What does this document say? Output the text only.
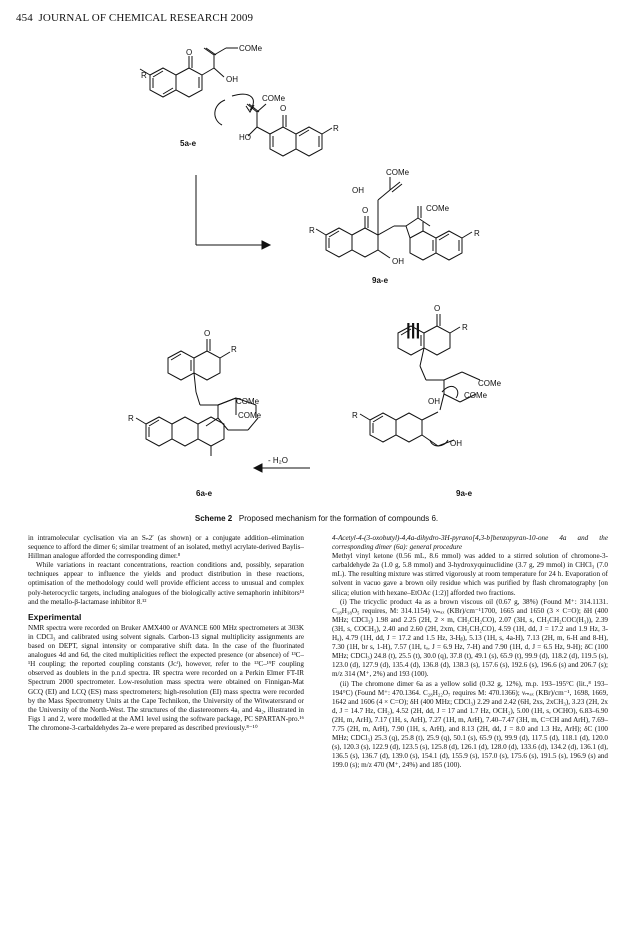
454 JOURNAL OF CHEMICAL RESEARCH 2009
|||
R
O	COMe
OH
O
COMe
HO
R
5a-e
COMe
OH
O	COMe
R
OH
R
9a-e
O
R
COMe
COMe
R
6a-e
- H₂O
O
R
OH
COMe
COMe
R
OH
9a-e
Scheme 2 Proposed mechanism for the formation of compounds 6.

in intramolecular cyclisation via an Sₙ2′ (as shown) or a conjugate addition–elimination sequence to afford the dimer 6; similar treatment of an isolated, methyl acrylate-derived Baylis–Hillman analogue afforded the corresponding dimer.⁸

While variations in reactant concentrations, reaction conditions and, possibly, separation techniques appear to influence the yields and product distribution in these reactions, optimisation of the methodology could well provide efficient access to unusual and complex poly-heterocyclic targets, including analogues of the biologically active semaphorin inhibitors¹³ and the metallo-β-lactamase inhibitor 8.¹²

Experimental

NMR spectra were recorded on Bruker AMX400 or AVANCE 600 MHz spectrometers at 303K in CDCl₃ and calibrated using solvent signals. Carbon-13 signal multiplicity assignments are based on DEPT, signal intensity or comparative shift data. In the case of the fluorinated analogues 4d and 6d, the cited multiplicities reflect the expected presence (or absence) of ¹³C–¹H coupling; the reported coupling constants (Jᴄᶠ), however, refer to the ¹³C–¹⁹F coupling observed as doublets in the p.n.d spectra. IR spectra were recorded on a Perkin Elmer FT-IR Spectrum 2000 spectrometer. Low-resolution mass spectra were obtained on Finnigan-Mat GCQ (EI) and LCQ (ES) mass spectrometers; high-resolution (EI) mass spectra were recorded by the Mass Spectrometry Units at the Cape Technikon, the University of the Witwatersrand or the University of the North-West. The structures of the diastereomers 4a₁ and 4a₂, illustrated in Figs 1 and 2, were modelled at the AM1 level using the software package, PC SPARTAN-pro.¹⁶ The chromone-3-carbaldehydes 2a–e were prepared as described previously.⁸⁻¹⁰

4-Acetyl-4-(3-oxobutyl)-4,4a-dihydro-3H-pyrano[4,3-b]benzopyran-10-one 4a and the corresponding dimer (6a): general procedure

Methyl vinyl ketone (0.56 mL, 8.6 mmol) was added to a stirred solution of chromone-3-carbaldehyde 2a (1.0 g, 5.8 mmol) and 3-hydroxyquinuclidine (3.7 g, 29 mmol) in CHCl₃ (7.0 mL). The resulting mixture was stirred vigorously at room temperature for 24 h. Evaporation of solvent in vacuo gave a brown oily residue which was purified by flash chromatography [on silica; elution with hexane–EtOAc (1:2)] afforded two fractions.

(i) The tricyclic product 4a as a brown viscous oil (0.67 g, 38%) (Found M⁺: 314.1131. C₁₈H₁₈O₅ requires, M: 314.1154) νₘₐₓ (KBr)/cm⁻¹1700, 1665 and 1650 (3 × C=O); δH (400 MHz; CDCl₃) 1.98 and 2.25 (2H, 2 × m, CH₂CH₂CO), 2.07 (3H, s, CH₃CH₂COC(H₃)), 2.39 (3H, s, COCH₃), 2.40 and 2.60 (2H, 2xm, CH₂CH₂CO), 4.59 (1H, dd, J = 17.2 and 1.9 Hz, 3-Hₐ), 4.79 (1H, dd, J = 17.2 and 1.5 Hz, 3-Hᵦ), 5.13 (1H, s, 4a-H), 7.13 (2H, m, 6-H and 8-H), 7.30 (1H, br s, 1-H), 7.57 (1H, tₒ, J = 6.9 Hz, 7-H) and 7.90 (1H, d, J = 6.5 Hz, 9-H); δC (100 MHz; CDCl₃) 24.8 (t), 25.5 (t), 30.0 (q), 37.8 (t), 49.1 (s), 65.9 (t), 99.9 (d), 118.2 (d), 119.5 (s), 123.0 (d), 127.9 (d), 135.4 (d), 136.8 (d), 138.3 (s), 157.6 (s), 192.6 (s), 196.6 (s) and 206.7 (s); m/z 314 (M⁺, 2%) and 193 (100).

(ii) The chromone dimer 6a as a yellow solid (0.32 g, 12%), m.p. 193–195°C (lit.,⁸ 193–194°C) (Found M⁺: 470.1364. C₂₈H₂₂O₇ requires M: 470.1366); νₘₐₓ (KBr)/cm⁻¹, 1698, 1669, 1642 and 1606 (4 × C=O); δH (400 MHz; CDCl₃) 2.29 and 2.42 (6H, 2xs, 2xCH₃), 3.23 (2H, 2x d, J = 14.7 Hz, CH₂), 4.52 (2H, dd, J = 17 and 1.7 Hz, OCH₂), 5.00 (1H, s, OCHO), 6.83–6.90 (2H, m, ArH), 7.17 (1H, s, ArH), 7.27 (1H, m, ArH), 7.40–7.47 (3H, m, C=CH and ArH), 7.69–7.75 (2H, m, ArH), 7.90 (1H, s, ArH), and 8.13 (2H, dd, J = 8.0 and 1.3 Hz, ArH); δC (100 MHz; CDCl₃) 25.3 (q), 25.8 (t), 25.9 (q), 50.1 (s), 65.9 (t), 99.9 (d), 117.5 (d), 118.1 (d), 120.0 (s), 120.3 (s), 122.9 (d), 123.5 (s), 125.8 (d), 126.1 (d), 128.0 (d), 133.6 (d), 134.2 (d), 136.1 (d), 136.5 (s), 136.7 (d), 139.0 (s), 154.1 (d), 155.9 (s), 157.0 (s), 175.6 (s), 191.5 (s), 196.9 (s) and 199.0 (s); m/z 470 (M⁺, 24%) and 185 (100).
